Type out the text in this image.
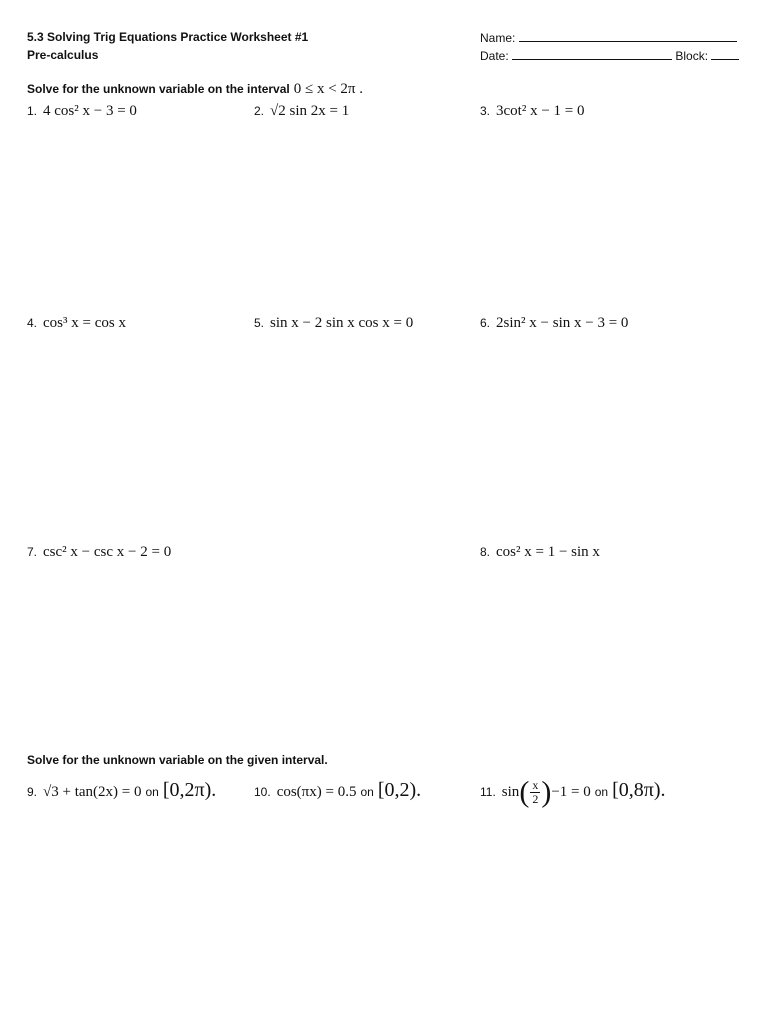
5.3 Solving Trig Equations Practice Worksheet #1
Pre-calculus
Name:
Date:	Block:
Solve for the unknown variable on the interval 0 ≤ x < 2π .
1. 4 cos² x − 3 = 0	2. √2 sin 2x = 1	3. 3cot² x − 1 = 0
4. cos³ x = cos x	5. sin x − 2 sin x cos x = 0	6. 2sin² x − sin x − 3 = 0
7. csc² x − csc x − 2 = 0	8. cos² x = 1 − sin x
Solve for the unknown variable on the given interval.
9. √3 + tan(2x) = 0 on [0,2π).	10. cos(πx) = 0.5 on [0,2).	11. $\sin( \frac{x}{2} )-1 = 0$ on [0,8π).
